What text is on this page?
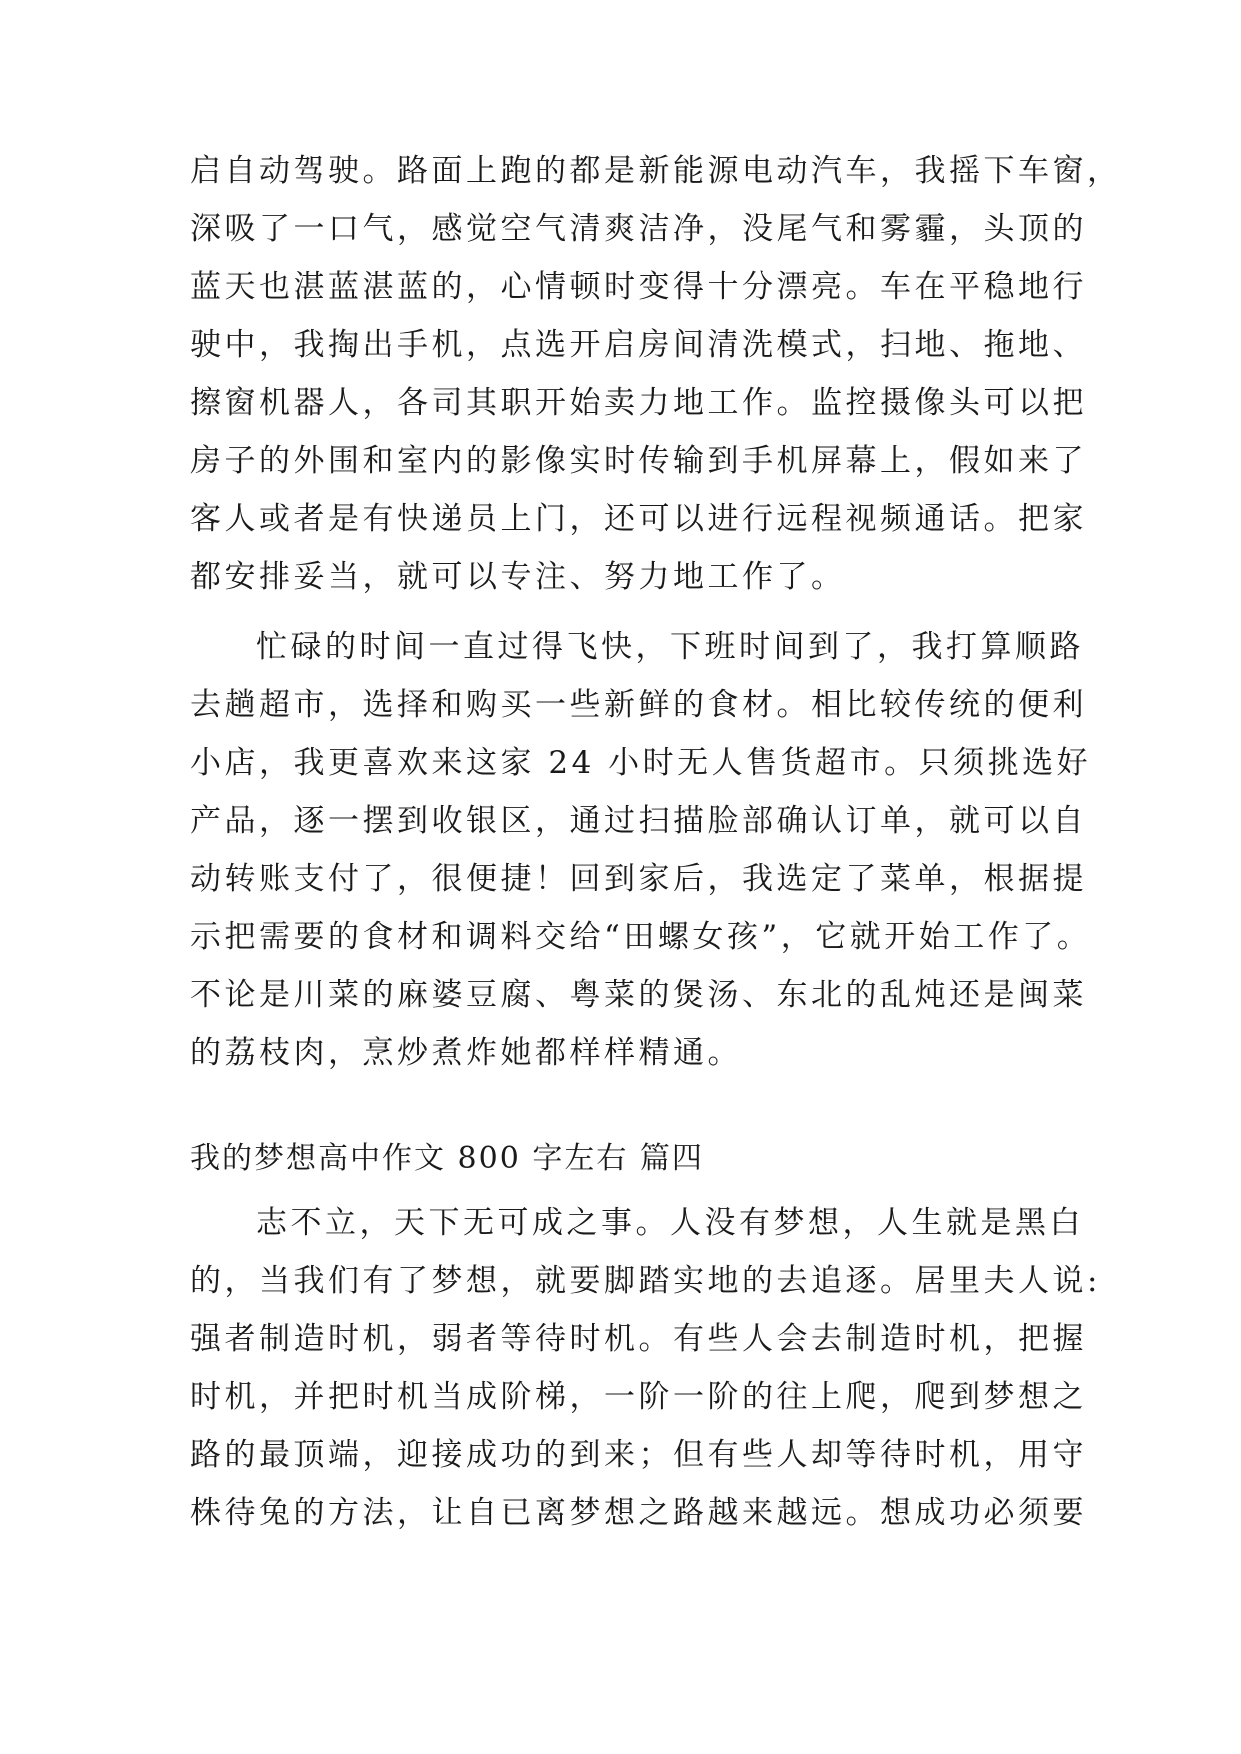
启自动驾驶。路面上跑的都是新能源电动汽车，我摇下车窗，
深吸了一口气，感觉空气清爽洁净，没尾气和雾霾，头顶的
蓝天也湛蓝湛蓝的，心情顿时变得十分漂亮。车在平稳地行
驶中，我掏出手机，点选开启房间清洗模式，扫地、拖地、
擦窗机器人，各司其职开始卖力地工作。监控摄像头可以把
房子的外围和室内的影像实时传输到手机屏幕上，假如来了
客人或者是有快递员上门，还可以进行远程视频通话。把家
都安排妥当，就可以专注、努力地工作了。
忙碌的时间一直过得飞快，下班时间到了，我打算顺路
去趟超市，选择和购买一些新鲜的食材。相比较传统的便利
小店，我更喜欢来这家 24 小时无人售货超市。只须挑选好
产品，逐一摆到收银区，通过扫描脸部确认订单，就可以自
动转账支付了，很便捷！回到家后，我选定了菜单，根据提
示把需要的食材和调料交给“田螺女孩”，它就开始工作了。
不论是川菜的麻婆豆腐、粤菜的煲汤、东北的乱炖还是闽菜
的荔枝肉，烹炒煮炸她都样样精通。
我的梦想高中作文 800 字左右 篇四
志不立，天下无可成之事。人没有梦想，人生就是黑白
的，当我们有了梦想，就要脚踏实地的去追逐。居里夫人说:
强者制造时机，弱者等待时机。有些人会去制造时机，把握
时机，并把时机当成阶梯，一阶一阶的往上爬，爬到梦想之
路的最顶端，迎接成功的到来；但有些人却等待时机，用守
株待兔的方法，让自已离梦想之路越来越远。想成功必须要
